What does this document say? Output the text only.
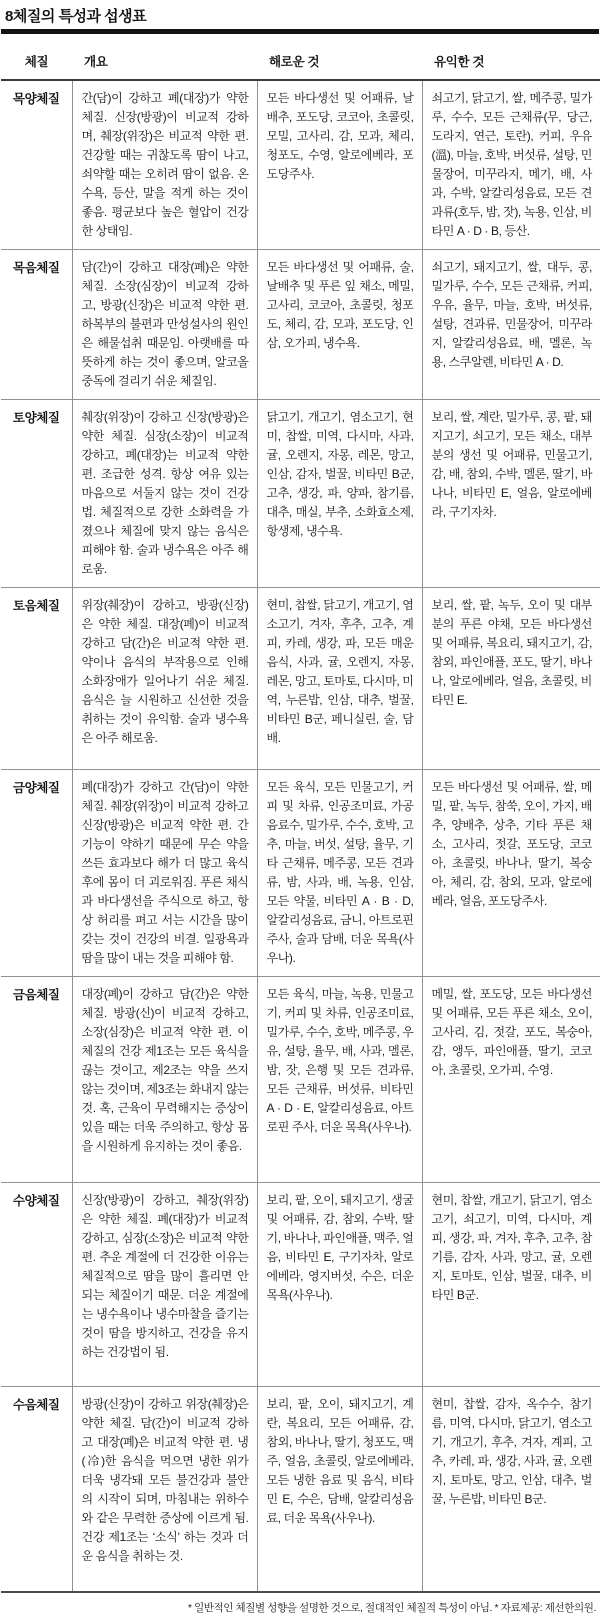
8체질의 특성과 섭생표
체질	개요	해로운 것	유익한 것
목양체질	간(담)이 강하고 폐(대장)가 약한 체질. 신장(방광)이 비교적 강하며, 췌장(위장)은 비교적 약한 편. 건강할 때는 귀찮도록 땀이 나고, 쇠약할 때는 오히려 땀이 없음. 온수욕, 등산, 말을 적게 하는 것이 좋음. 평균보다 높은 혈압이 건강한 상태임.	모든 바다생선 및 어패류, 날배추, 포도당, 코코아, 초콜릿, 모밀, 고사리, 감, 모과, 체리, 청포도, 수영, 알로에베라, 포도당주사.	쇠고기, 닭고기, 쌀, 메주콩, 밀가루, 수수, 모든 근채류(무, 당근, 도라지, 연근, 토란), 커피, 우유(溫), 마늘, 호박, 버섯류, 설탕, 민물장어, 미꾸라지, 메기, 배, 사과, 수박, 알칼리성음료, 모든 견과류(호두, 밤, 잣), 녹용, 인삼, 비타민 A · D · B, 등산.
목음체질	담(간)이 강하고 대장(폐)은 약한 체질. 소장(심장)이 비교적 강하고, 방광(신장)은 비교적 약한 편. 하복부의 불편과 만성설사의 원인은 해물섭취 때문임. 아랫배를 따뜻하게 하는 것이 좋으며, 알코올 중독에 걸리기 쉬운 체질임.	모든 바다생선 및 어패류, 술, 날배추 및 푸른 잎 채소, 메밀, 고사리, 코코아, 초콜릿, 청포도, 체리, 감, 모과, 포도당, 인삼, 오가피, 냉수욕.	쇠고기, 돼지고기, 쌀, 대두, 콩, 밀가루, 수수, 모든 근채류, 커피, 우유, 율무, 마늘, 호박, 버섯류, 설탕, 견과류, 민물장어, 미꾸라지, 알칼리성음료, 배, 멜론, 녹용, 스쿠알렌, 비타민 A · D.
토양체질	췌장(위장)이 강하고 신장(방광)은 약한 체질. 심장(소장)이 비교적 강하고, 폐(대장)는 비교적 약한 편. 조급한 성격. 항상 여유 있는 마음으로 서둘지 않는 것이 건강법. 체질적으로 강한 소화력을 가졌으나 체질에 맞지 않는 음식은 피해야 함. 술과 냉수욕은 아주 해로움.	닭고기, 개고기, 염소고기, 현미, 찹쌀, 미역, 다시마, 사과, 귤, 오렌지, 자몽, 레몬, 망고, 인삼, 감자, 벌꿀, 비타민 B군, 고추, 생강, 파, 양파, 참기름, 대추, 매실, 부추, 소화효소제, 항생제, 냉수욕.	보리, 쌀, 계란, 밀가루, 콩, 팥, 돼지고기, 쇠고기, 모든 채소, 대부분의 생선 및 어패류, 민물고기, 감, 배, 참외, 수박, 멜론, 딸기, 바나나, 비타민 E, 얼음, 알로에베라, 구기자차.
토음체질	위장(췌장)이 강하고, 방광(신장)은 약한 체질. 대장(폐)이 비교적 강하고 담(간)은 비교적 약한 편. 약이나 음식의 부작용으로 인해 소화장애가 일어나기 쉬운 체질. 음식은 늘 시원하고 신선한 것을 취하는 것이 유익함. 술과 냉수욕은 아주 해로움.	현미, 찹쌀, 닭고기, 개고기, 염소고기, 겨자, 후추, 고추, 계피, 카레, 생강, 파, 모든 매운 음식, 사과, 귤, 오렌지, 자몽, 레몬, 망고, 토마토, 다시마, 미역, 누른밥, 인삼, 대추, 벌꿀, 비타민 B군, 페니실린, 술, 담배.	보리, 쌀, 팥, 녹두, 오이 및 대부분의 푸른 야채, 모든 바다생선 및 어패류, 복요리, 돼지고기, 감, 참외, 파인애플, 포도, 딸기, 바나나, 알로에베라, 얼음, 초콜릿, 비타민 E.
금양체질	폐(대장)가 강하고 간(담)이 약한 체질. 췌장(위장)이 비교적 강하고 신장(방광)은 비교적 약한 편. 간 기능이 약하기 때문에 무슨 약을 쓰든 효과보다 해가 더 많고 육식 후에 몸이 더 괴로워짐. 푸른 채식과 바다생선을 주식으로 하고, 항상 허리를 펴고 서는 시간을 많이 갖는 것이 건강의 비결. 일광욕과 땀을 많이 내는 것을 피해야 함.	모든 육식, 모든 민물고기, 커피 및 차류, 인공조미료, 가공음료수, 밀가루, 수수, 호박, 고추, 마늘, 버섯, 설탕, 율무, 기타 근채류, 메주콩, 모든 견과류, 밤, 사과, 배, 녹용, 인삼, 모든 약물, 비타민 A · B · D, 알칼리성음료, 금니, 아트로핀 주사, 술과 담배, 더운 목욕(사우나).	모든 바다생선 및 어패류, 쌀, 메밀, 팥, 녹두, 참쑥, 오이, 가지, 배추, 양배추, 상추, 기타 푸른 채소, 고사리, 젓갈, 포도당, 코코아, 초콜릿, 바나나, 딸기, 복숭아, 체리, 감, 참외, 모과, 알로에베라, 얼음, 포도당주사.
금음체질	대장(폐)이 강하고 담(간)은 약한 체질. 방광(신)이 비교적 강하고, 소장(심장)은 비교적 약한 편. 이 체질의 건강 제1조는 모든 육식을 끊는 것이고, 제2조는 약을 쓰지 않는 것이며, 제3조는 화내지 않는 것. 혹, 근육이 무력해지는 증상이 있을 때는 더욱 주의하고, 항상 몸을 시원하게 유지하는 것이 좋음.	모든 육식, 마늘, 녹용, 민물고기, 커피 및 차류, 인공조미료, 밀가루, 수수, 호박, 메주콩, 우유, 설탕, 율무, 배, 사과, 멜론, 밤, 잣, 은행 및 모든 견과류, 모든 근채류, 버섯류, 비타민 A · D · E, 알칼리성음료, 아트로핀 주사, 더운 목욕(사우나).	메밀, 쌀, 포도당, 모든 바다생선 및 어패류, 모든 푸른 채소, 오이, 고사리, 김, 젓갈, 포도, 복숭아, 감, 앵두, 파인애플, 딸기, 코코아, 초콜릿, 오가피, 수영.
수양체질	신장(방광)이 강하고, 췌장(위장)은 약한 체질. 폐(대장)가 비교적 강하고, 심장(소장)은 비교적 약한 편. 추운 계절에 더 건강한 이유는 체질적으로 땀을 많이 흘리면 안 되는 체질이기 때문. 더운 계절에는 냉수욕이나 냉수마찰을 즐기는 것이 땀을 방지하고, 건강을 유지하는 건강법이 됨.	보리, 팥, 오이, 돼지고기, 생굴 및 어패류, 감, 참외, 수박, 딸기, 바나나, 파인애플, 맥주, 얼음, 비타민 E, 구기자차, 알로에베라, 영지버섯, 수은, 더운 목욕(사우나).	현미, 찹쌀, 개고기, 닭고기, 염소고기, 쇠고기, 미역, 다시마, 계피, 생강, 파, 겨자, 후추, 고추, 참기름, 감자, 사과, 망고, 귤, 오렌지, 토마토, 인삼, 벌꿀, 대추, 비타민 B군.
수음체질	방광(신장)이 강하고 위장(췌장)은 약한 체질. 담(간)이 비교적 강하고 대장(폐)은 비교적 약한 편. 냉(冷)한 음식을 먹으면 냉한 위가 더욱 냉각돼 모든 불건강과 불안의 시작이 되며, 마침내는 위하수와 같은 무력한 증상에 이르게 됨. 건강 제1조는 ‘소식’ 하는 것과 더운 음식을 취하는 것.	보리, 팥, 오이, 돼지고기, 계란, 복요리, 모든 어패류, 감, 참외, 바나나, 딸기, 청포도, 맥주, 얼음, 초콜릿, 알로에베라, 모든 냉한 음료 및 음식, 비타민 E, 수은, 담배, 알칼리성음료, 더운 목욕(사우나).	현미, 찹쌀, 감자, 옥수수, 참기름, 미역, 다시마, 닭고기, 염소고기, 개고기, 후추, 겨자, 계피, 고추, 카레, 파, 생강, 사과, 귤, 오렌지, 토마토, 망고, 인삼, 대추, 벌꿀, 누른밥, 비타민 B군.
* 일반적인 체질별 성향을 설명한 것으로, 절대적인 체질적 특성이 아님. * 자료제공: 제선한의원.
